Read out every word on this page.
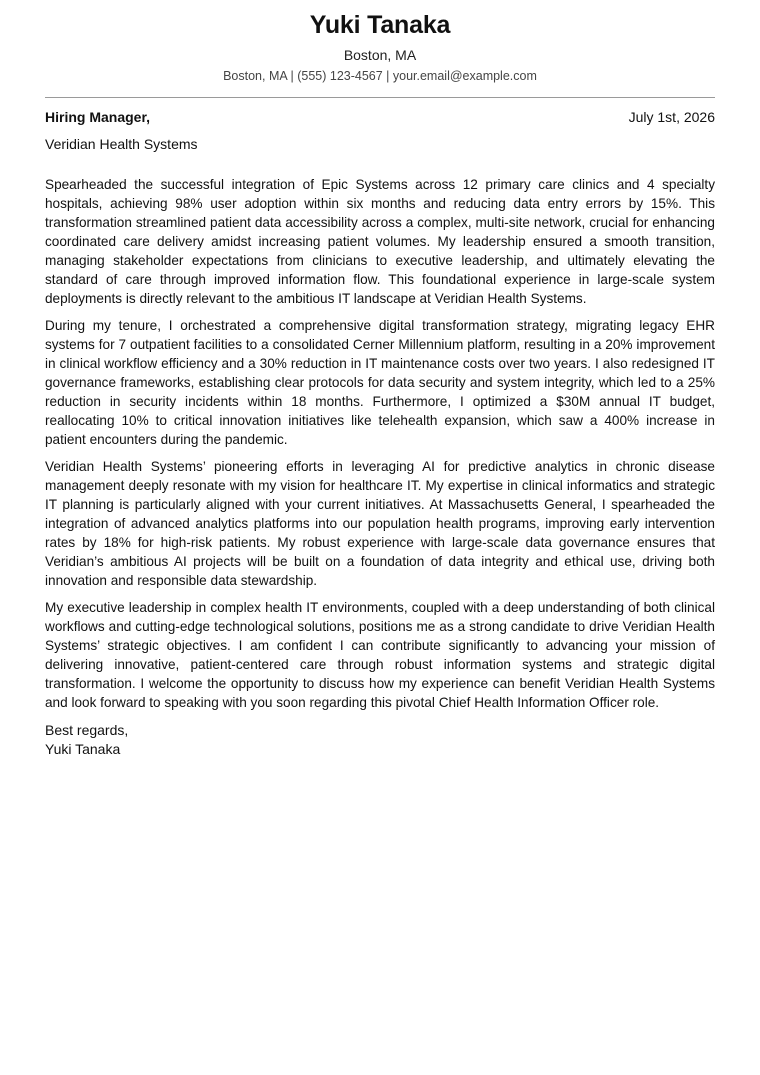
Yuki Tanaka
Boston, MA
Boston, MA | (555) 123-4567 | your.email@example.com
Hiring Manager,	July 1st, 2026
Veridian Health Systems

Spearheaded the successful integration of Epic Systems across 12 primary care clinics and 4 specialty hospitals, achieving 98% user adoption within six months and reducing data entry errors by 15%. This transformation streamlined patient data accessibility across a complex, multi-site network, crucial for enhancing coordinated care delivery amidst increasing patient volumes. My leadership ensured a smooth transition, managing stakeholder expectations from clinicians to executive leadership, and ultimately elevating the standard of care through improved information flow. This foundational experience in large-scale system deployments is directly relevant to the ambitious IT landscape at Veridian Health Systems.

During my tenure, I orchestrated a comprehensive digital transformation strategy, migrating legacy EHR systems for 7 outpatient facilities to a consolidated Cerner Millennium platform, resulting in a 20% improvement in clinical workflow efficiency and a 30% reduction in IT maintenance costs over two years. I also redesigned IT governance frameworks, establishing clear protocols for data security and system integrity, which led to a 25% reduction in security incidents within 18 months. Furthermore, I optimized a $30M annual IT budget, reallocating 10% to critical innovation initiatives like telehealth expansion, which saw a 400% increase in patient encounters during the pandemic.

Veridian Health Systems’ pioneering efforts in leveraging AI for predictive analytics in chronic disease management deeply resonate with my vision for healthcare IT. My expertise in clinical informatics and strategic IT planning is particularly aligned with your current initiatives. At Massachusetts General, I spearheaded the integration of advanced analytics platforms into our population health programs, improving early intervention rates by 18% for high-risk patients. My robust experience with large-scale data governance ensures that Veridian’s ambitious AI projects will be built on a foundation of data integrity and ethical use, driving both innovation and responsible data stewardship.

My executive leadership in complex health IT environments, coupled with a deep understanding of both clinical workflows and cutting-edge technological solutions, positions me as a strong candidate to drive Veridian Health Systems’ strategic objectives. I am confident I can contribute significantly to advancing your mission of delivering innovative, patient-centered care through robust information systems and strategic digital transformation. I welcome the opportunity to discuss how my experience can benefit Veridian Health Systems and look forward to speaking with you soon regarding this pivotal Chief Health Information Officer role.

Best regards,
Yuki Tanaka
